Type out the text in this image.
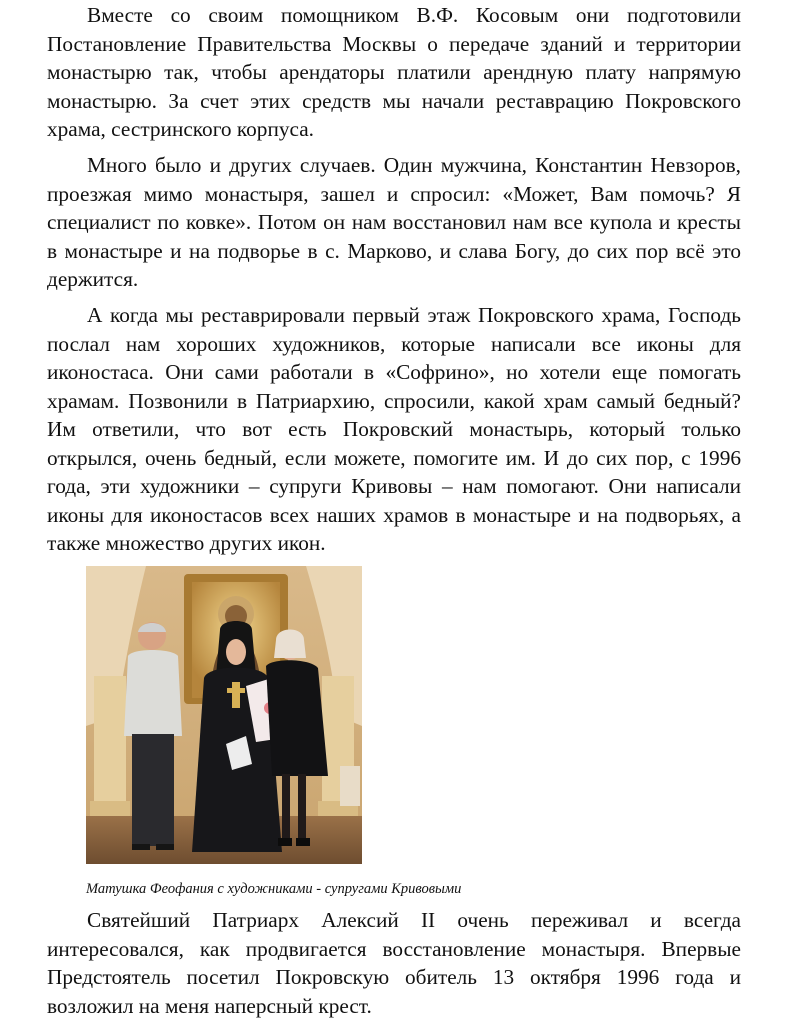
Вместе со своим помощником В.Ф. Косовым они подготовили Постановление Правительства Москвы о передаче зданий и территории монастырю так, чтобы арендаторы платили арендную плату напрямую монастырю. За счет этих средств мы начали реставрацию Покровского храма, сестринского корпуса.

Много было и других случаев. Один мужчина, Константин Невзоров, проезжая мимо монастыря, зашел и спросил: «Может, Вам помочь? Я специалист по ковке». Потом он нам восстановил нам все купола и кресты в монастыре и на подворье в с. Марково, и слава Богу, до сих пор всё это держится.

А когда мы реставрировали первый этаж Покровского храма, Господь послал нам хороших художников, которые написали все иконы для иконостаса. Они сами работали в «Софрино», но хотели еще помогать храмам. Позвонили в Патриархию, спросили, какой храм самый бедный? Им ответили, что вот есть Покровский монастырь, который только открылся, очень бедный, если можете, помогите им. И до сих пор, с 1996 года, эти художники – супруги Кривовы – нам помогают. Они написали иконы для иконостасов всех наших храмов в монастыре и на подворьях, а также множество других икон.

Матушка Феофания с художниками - супругами Кривовыми

Святейший Патриарх Алексий II очень переживал и всегда интересовался, как продвигается восстановление монастыря. Впервые Предстоятель посетил Покровскую обитель 13 октября 1996 года и возложил на меня наперсный крест.
